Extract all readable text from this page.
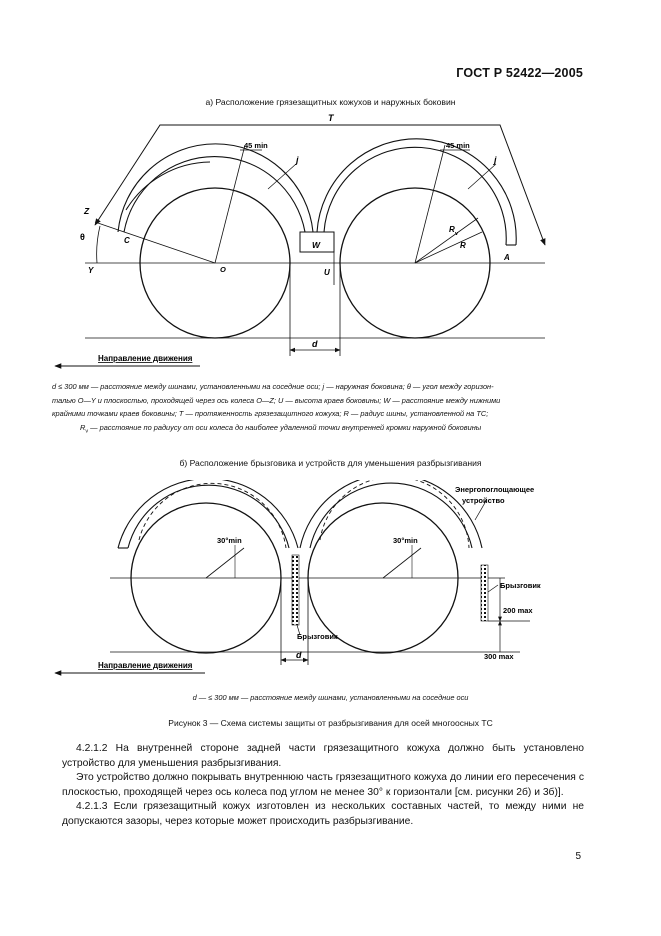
ГОСТ Р 52422—2005
а) Расположение грязезащитных кожухов и наружных боковин
T
45 min	45 min
j	j
Z
θ	C
Y	O
W
U
R v
R
A
d
Направление движения
d ≤ 300 мм — расстояние между шинами, установленными на соседние оси; j — наружная боковина; θ — угол между горизон-
талью O—Y и плоскостью, проходящей через ось колеса O—Z; U — высота краев боковины; W — расстояние между нижними
крайними точками краев боковины; T — протяженность грязезащитного кожуха; R — радиус шины, установленной на ТС;
$R_v$ — расстояние по радиусу от оси колеса до наиболее удаленной точки внутренней кромки наружной боковины
б) Расположение брызговика и устройств для уменьшения разбрызгивания
Энергопоглощающее
устройство
30°min	30°min
Брызговик
Брызговик
200 max
300 max
d
Направление движения
d — ≤ 300 мм — расстояние между шинами, установленными на соседние оси
Рисунок 3 — Схема системы защиты от разбрызгивания для осей многоосных ТС

4.2.1.2 На внутренней стороне задней части грязезащитного кожуха должно быть установлено устройство для уменьшения разбрызгивания.

Это устройство должно покрывать внутреннюю часть грязезащитного кожуха до линии его пересечения с плоскостью, проходящей через ось колеса под углом не менее 30° к горизонтали [см. рисунки 2б) и 3б)].

4.2.1.3 Если грязезащитный кожух изготовлен из нескольких составных частей, то между ними не допускаются зазоры, через которые может происходить разбрызгивание.

5
